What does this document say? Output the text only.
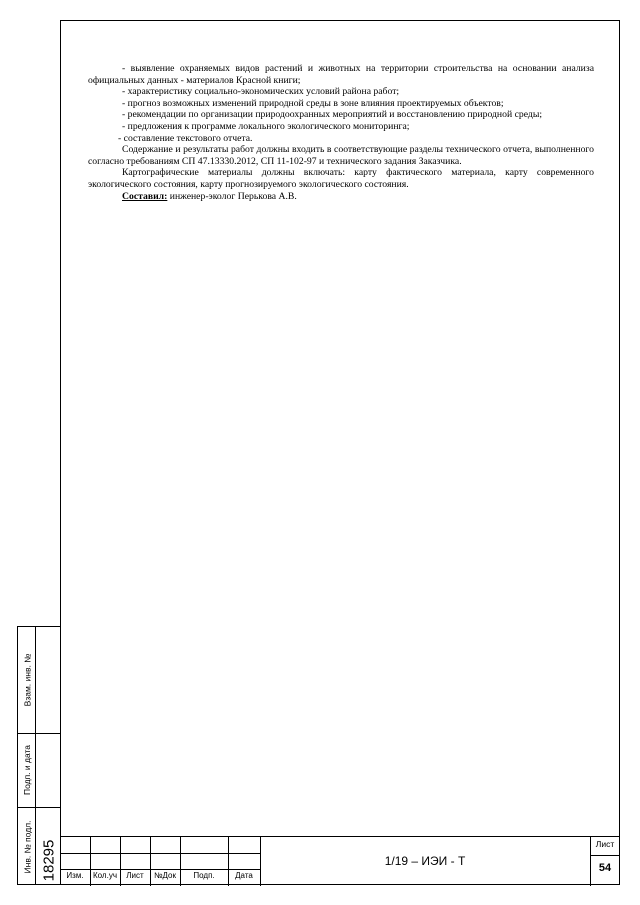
- выявление охраняемых видов растений и животных на территории строительства на основании анализа официальных данных - материалов Красной книги;

- характеристику социально-экономических условий района работ;

- прогноз возможных изменений природной среды в зоне влияния проектируемых объектов;

- рекомендации по организации природоохранных мероприятий и восстановлению природной среды;

- предложения к программе локального экологического мониторинга;

- составление текстового отчета.

Содержание и результаты работ должны входить в соответствующие разделы технического отчета, выполненного согласно требованиям СП 47.13330.2012, СП 11-102-97 и технического задания Заказчика.

Картографические материалы должны включать: карту фактического материала, карту современного экологического состояния, карту прогнозируемого экологического состояния.

Составил: инженер-эколог Перькова А.В.

Взам. инв. №
Подп. и дата
Инв. № подл. 18295	Изм.	Кол.уч	Лист	№Док	Подп.	Дата
1/19 – ИЭИ - Т
Лист
54
